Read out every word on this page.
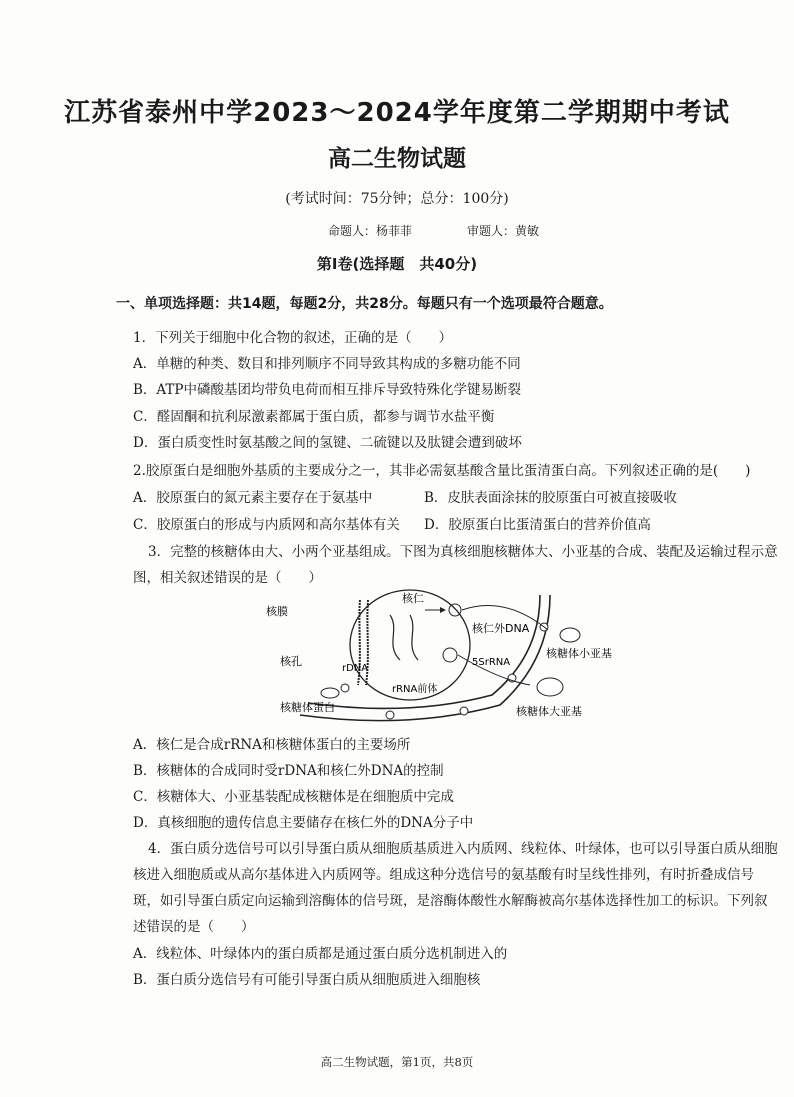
江苏省泰州中学2023～2024学年度第二学期期中考试
高二生物试题
(考试时间：75分钟；总分：100分)
命题人：杨菲菲	审题人：黄敏
第Ⅰ卷(选择题　共40分)
一、单项选择题：共14题，每题2分，共28分。每题只有一个选项最符合题意。
1．下列关于细胞中化合物的叙述，正确的是（　　）
A．单糖的种类、数目和排列顺序不同导致其构成的多糖功能不同
B．ATP中磷酸基团均带负电荷而相互排斥导致特殊化学键易断裂
C．醛固酮和抗利尿激素都属于蛋白质，都参与调节水盐平衡
D．蛋白质变性时氨基酸之间的氢键、二硫键以及肽键会遭到破坏
2.胶原蛋白是细胞外基质的主要成分之一，其非必需氨基酸含量比蛋清蛋白高。下列叙述正确的是(　　)
A．胶原蛋白的氮元素主要存在于氨基中	B．皮肤表面涂抹的胶原蛋白可被直接吸收
C．胶原蛋白的形成与内质网和高尔基体有关 D．胶原蛋白比蛋清蛋白的营养价值高
3．完整的核糖体由大、小两个亚基组成。下图为真核细胞核糖体大、小亚基的合成、装配及运输过程示意
图，相关叙述错误的是（　　）
核仁
核膜
核孔
rDNA
rRNA前体
核仁外DNA
5SrRNA
核糖体小亚基
核糖体大亚基
核糖体蛋白
A．核仁是合成rRNA和核糖体蛋白的主要场所
B．核糖体的合成同时受rDNA和核仁外DNA的控制
C．核糖体大、小亚基装配成核糖体是在细胞质中完成
D．真核细胞的遗传信息主要储存在核仁外的DNA分子中
4．蛋白质分选信号可以引导蛋白质从细胞质基质进入内质网、线粒体、叶绿体，也可以引导蛋白质从细胞
核进入细胞质或从高尔基体进入内质网等。组成这种分选信号的氨基酸有时呈线性排列，有时折叠成信号
斑，如引导蛋白质定向运输到溶酶体的信号斑，是溶酶体酸性水解酶被高尔基体选择性加工的标识。下列叙
述错误的是（　　）
A．线粒体、叶绿体内的蛋白质都是通过蛋白质分选机制进入的
B．蛋白质分选信号有可能引导蛋白质从细胞质进入细胞核
高二生物试题，第1页，共8页
